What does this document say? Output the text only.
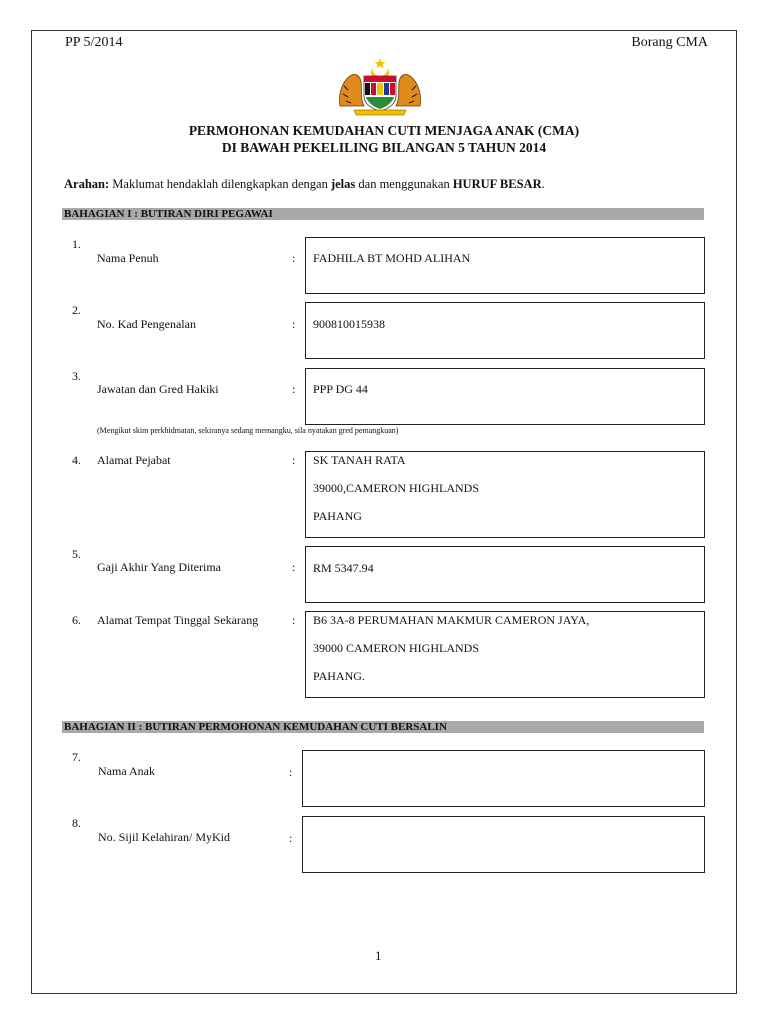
PP 5/2014	Borang CMA
PERMOHONAN KEMUDAHAN CUTI MENJAGA ANAK (CMA)
DI BAWAH PEKELILING BILANGAN 5 TAHUN 2014
Arahan: Maklumat hendaklah dilengkapkan dengan jelas dan menggunakan HURUF BESAR.
BAHAGIAN I : BUTIRAN DIRI PEGAWAI
1.
Nama Penuh	: FADHILA BT MOHD ALIHAN
2.
No. Kad Pengenalan	: 900810015938
3.
Jawatan dan Gred Hakiki	: PPP DG 44
(Mengikut skim perkhidmatan, sekiranya sedang memangku, sila nyatakan gred pemangkuan)
4. Alamat Pejabat	: SK TANAH RATA
39000,CAMERON HIGHLANDS
PAHANG
5.
Gaji Akhir Yang Diterima	: RM 5347.94
6. Alamat Tempat Tinggal Sekarang	: B6 3A-8 PERUMAHAN MAKMUR CAMERON JAYA,
39000 CAMERON HIGHLANDS
PAHANG.
BAHAGIAN II : BUTIRAN PERMOHONAN KEMUDAHAN CUTI BERSALIN
7.
Nama Anak	:
8.
No. Sijil Kelahiran/ MyKid	:
1
